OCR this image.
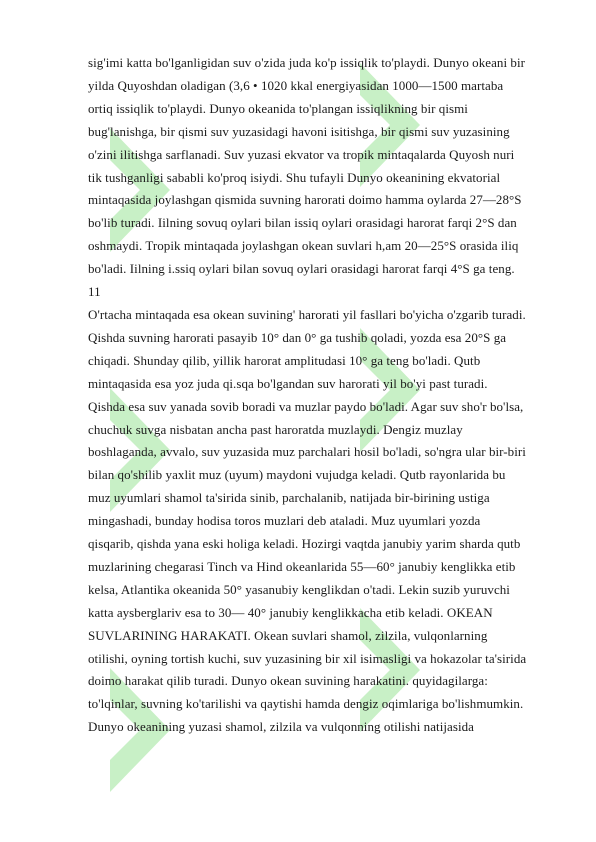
sig'imi katta bo'lganligidan suv o'zida juda ko'p issiqlik to'playdi. Dunyo okeani bir
yilda Quyoshdan oladigan (3,6 • 1020 kkal energiyasidan 1000—1500 martaba
ortiq issiqlik to'playdi. Dunyo okeanida to'plangan issiqlikning bir qismi
bug'lanishga, bir qismi suv yuzasidagi havoni isitishga, bir qismi suv yuzasining
o'zini ilitishga sarflanadi. Suv yuzasi ekvator va tropik mintaqalarda Quyosh nuri
tik tushganligi sababli ko'proq isiydi. Shu tufayli Dunyo okeanining ekvatorial
mintaqasida joylashgan qismida suvning harorati doimo hamma oylarda 27—28°S
bo'lib turadi. Iilning sovuq oylari bilan issiq oylari orasidagi harorat farqi 2°S dan
oshmaydi. Tropik mintaqada joylashgan okean suvlari h,am 20—25°S orasida iliq
bo'ladi. Iilning i.ssiq oylari bilan sovuq oylari orasidagi harorat farqi 4°S ga teng.
11
O'rtacha mintaqada esa okean suvining' harorati yil fasllari bo'yicha o'zgarib turadi.
Qishda suvning harorati pasayib 10° dan 0° ga tushib qoladi, yozda esa 20°S ga
chiqadi. Shunday qilib, yillik harorat amplitudasi 10° ga teng bo'ladi. Qutb
mintaqasida esa yoz juda qi.sqa bo'lgandan suv harorati yil bo'yi past turadi.
Qishda esa suv yanada sovib boradi va muzlar paydo bo'ladi. Agar suv sho'r bo'lsa,
chuchuk suvga nisbatan ancha past haroratda muzlaydi. Dengiz muzlay
boshlaganda, avvalo, suv yuzasida muz parchalari hosil bo'ladi, so'ngra ular bir-biri
bilan qo'shilib yaxlit muz (uyum) maydoni vujudga keladi. Qutb rayonlarida bu
muz uyumlari shamol ta'sirida sinib, parchalanib, natijada bir-birining ustiga
mingashadi, bunday hodisa toros muzlari deb ataladi. Muz uyumlari yozda
qisqarib, qishda yana eski holiga keladi. Hozirgi vaqtda janubiy yarim sharda qutb
muzlarining chegarasi Tinch va Hind okeanlarida 55—60° janubiy kenglikka etib
kelsa, Atlantika okeanida 50° yasanubiy kenglikdan o'tadi. Lekin suzib yuruvchi
katta aysberglariv esa to 30— 40° janubiy kenglikkacha etib keladi. OKEAN
SUVLARINING HARAKATI. Okean suvlari shamol, zilzila, vulqonlarning
otilishi, oyning tortish kuchi, suv yuzasining bir xil isimasligi va hokazolar ta'sirida
doimo harakat qilib turadi. Dunyo okean suvining harakatini. quyidagilarga:
to'lqinlar, suvning ko'tarilishi va qaytishi hamda dengiz oqimlariga bo'lishmumkin.
Dunyo okeanining yuzasi shamol, zilzila va vulqonning otilishi natijasida
